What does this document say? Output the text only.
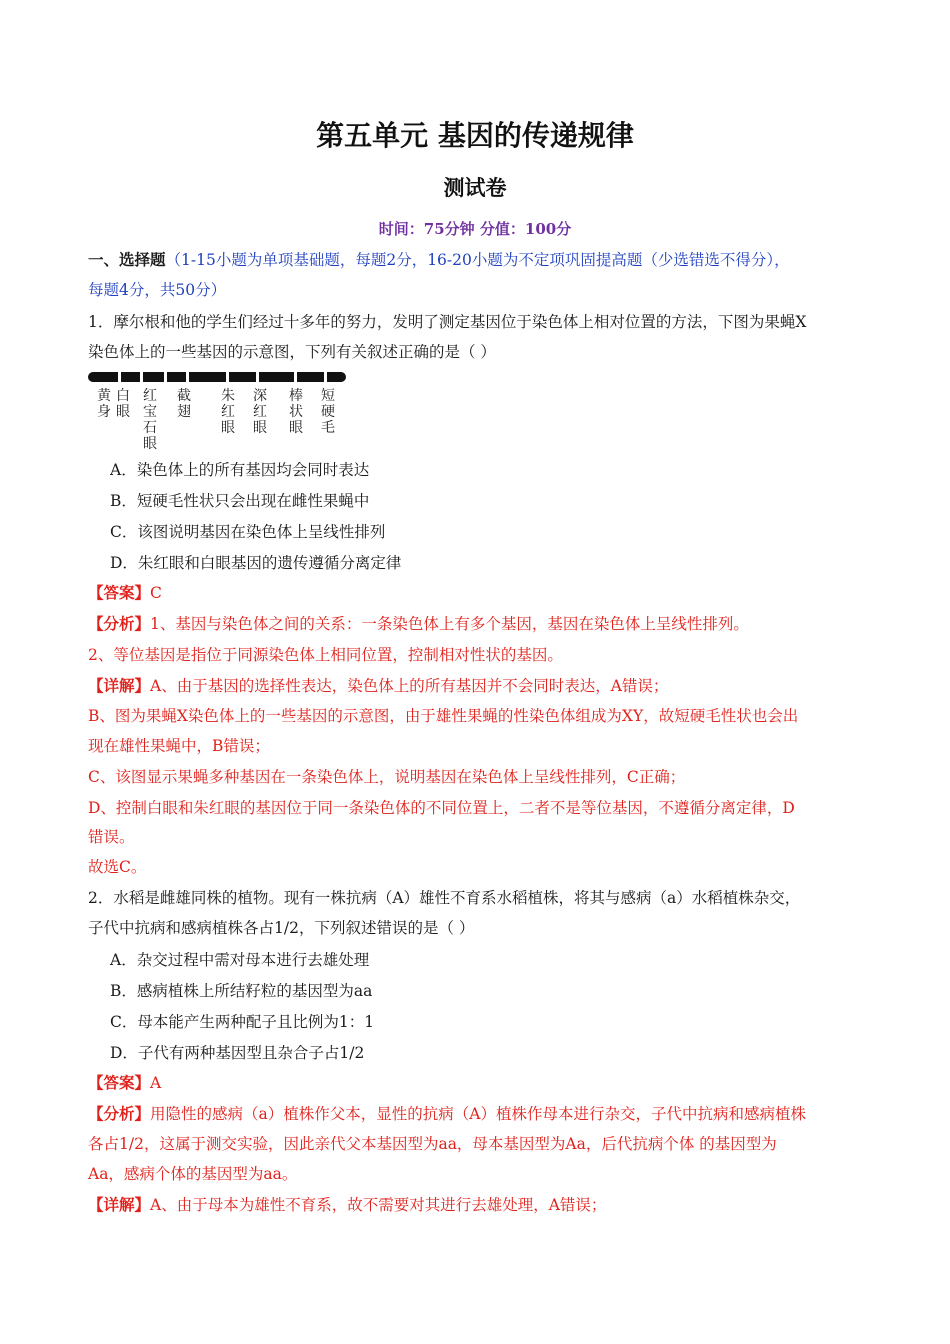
第五单元 基因的传递规律
测试卷
时间：75分钟 分值：100分
一、选择题（1-15小题为单项基础题，每题2分，16-20小题为不定项巩固提高题（少选错选不得分），
每题4分，共50分）
1．摩尔根和他的学生们经过十多年的努力，发明了测定基因位于染色体上相对位置的方法，下图为果蝇X
染色体上的一些基因的示意图，下列有关叙述正确的是（ ）
黄身
白眼
红宝石眼
截翅
朱红眼
深红眼
棒状眼
短硬毛
A．染色体上的所有基因均会同时表达
B．短硬毛性状只会出现在雌性果蝇中
C．该图说明基因在染色体上呈线性排列
D．朱红眼和白眼基因的遗传遵循分离定律
【答案】C
【分析】1、基因与染色体之间的关系：一条染色体上有多个基因，基因在染色体上呈线性排列。
2、等位基因是指位于同源染色体上相同位置，控制相对性状的基因。
【详解】A、由于基因的选择性表达，染色体上的所有基因并不会同时表达，A错误；
B、图为果蝇X染色体上的一些基因的示意图，由于雄性果蝇的性染色体组成为XY，故短硬毛性状也会出
现在雄性果蝇中，B错误；
C、该图显示果蝇多种基因在一条染色体上，说明基因在染色体上呈线性排列，C正确；
D、控制白眼和朱红眼的基因位于同一条染色体的不同位置上，二者不是等位基因，不遵循分离定律，D
错误。
故选C。
2．水稻是雌雄同株的植物。现有一株抗病（A）雄性不育系水稻植株，将其与感病（a）水稻植株杂交，
子代中抗病和感病植株各占1/2，下列叙述错误的是（ ）
A．杂交过程中需对母本进行去雄处理
B．感病植株上所结籽粒的基因型为aa
C．母本能产生两种配子且比例为1：1
D．子代有两种基因型且杂合子占1/2
【答案】A
【分析】用隐性的感病（a）植株作父本，显性的抗病（A）植株作母本进行杂交，子代中抗病和感病植株
各占1/2，这属于测交实验，因此亲代父本基因型为aa，母本基因型为Aa，后代抗病个体 的基因型为
Aa，感病个体的基因型为aa。
【详解】A、由于母本为雄性不育系，故不需要对其进行去雄处理，A错误；
